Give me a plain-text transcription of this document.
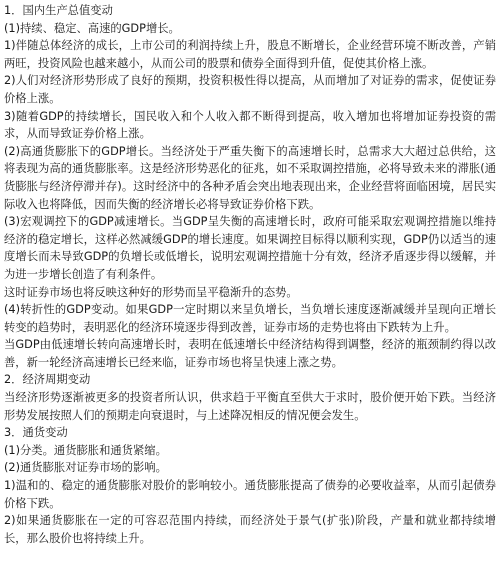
1．国内生产总值变动

(1)持续、稳定、高速的GDP增长。

1)伴随总体经济的成长，上市公司的利润持续上升，股息不断增长，企业经营环境不断改善，产销两旺，投资风险也越来越小，从而公司的股票和债券全面得到升值，促使其价格上涨。

2)人们对经济形势形成了良好的预期，投资积极性得以提高，从而增加了对证券的需求，促使证券价格上涨。

3)随着GDP的持续增长，国民收入和个人收入都不断得到提高，收入增加也将增加证券投资的需求，从而导致证券价格上涨。

(2)高通货膨胀下的GDP增长。当经济处于严重失衡下的高速增长时，总需求大大超过总供给，这将表现为高的通货膨胀率。这是经济形势恶化的征兆，如不采取调控措施，必将导致未来的滞胀(通货膨胀与经济停滞并存)。这时经济中的各种矛盾会突出地表现出来，企业经营将面临困境，居民实际收入也将降低，因而失衡的经济增长必将导致证券价格下跌。

(3)宏观调控下的GDP减速增长。当GDP呈失衡的高速增长时，政府可能采取宏观调控措施以维持经济的稳定增长，这样必然减缓GDP的增长速度。如果调控目标得以顺利实现，GDP仍以适当的速度增长而未导致GDP的负增长或低增长，说明宏观调控措施十分有效，经济矛盾逐步得以缓解，并为进一步增长创造了有利条件。

这时证券市场也将反映这种好的形势而呈平稳渐升的态势。

(4)转折性的GDP变动。如果GDP一定时期以来呈负增长，当负增长速度逐渐减缓并呈现向正增长转变的趋势时，表明恶化的经济环境逐步得到改善，证券市场的走势也将由下跌转为上升。

当GDP由低速增长转向高速增长时，表明在低速增长中经济结构得到调整，经济的瓶颈制约得以改善，新一轮经济高速增长已经来临，证券市场也将呈快速上涨之势。

2．经济周期变动

当经济形势逐渐被更多的投资者所认识，供求趋于平衡直至供大于求时，股价便开始下跌。当经济形势发展按照人们的预期走向衰退时，与上述降况相反的情况便会发生。

3．通货变动

(1)分类。通货膨胀和通货紧缩。

(2)通货膨胀对证券市场的影响。

1)温和的、稳定的通货膨胀对股价的影响较小。通货膨胀提高了债券的必要收益率，从而引起债券价格下跌。

2)如果通货膨胀在一定的可容忍范围内持续，而经济处于景气(扩张)阶段，产量和就业都持续增长，那么股价也将持续上升。
